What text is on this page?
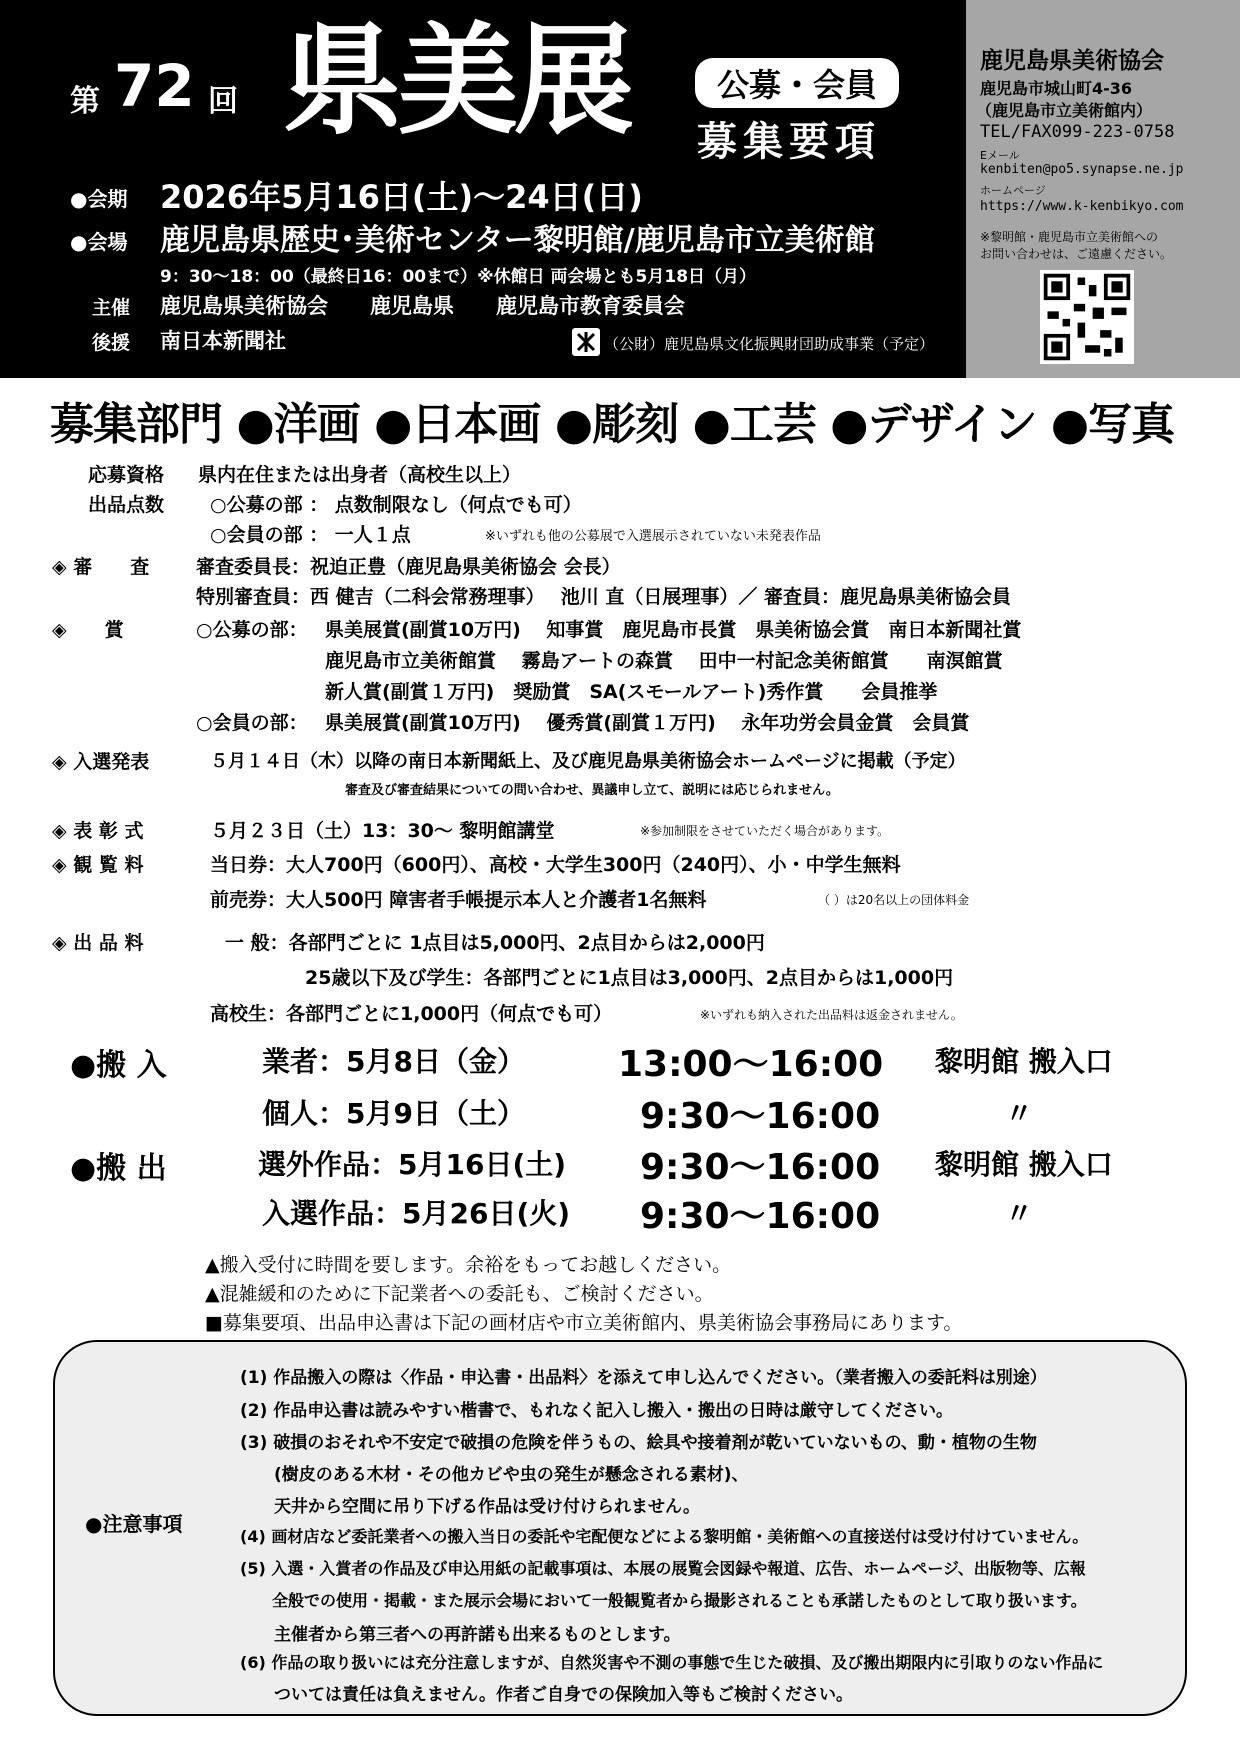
第 72 回 県美展	公募・会員
募集要項
●会期 2026年5月16日(土)～24日(日)
●会場 鹿児島県歴史･美術センター黎明館/鹿児島市立美術館
9：30～18：00（最終日16：00まで）※休館日 両会場とも5月18日（月）
主催 鹿児島県美術協会　　鹿児島県　　鹿児島市教育委員会
後援 南日本新聞社	（公財）鹿児島県文化振興財団助成事業（予定）
鹿児島県美術協会
鹿児島市城山町4-36
（鹿児島市立美術館内）
TEL/FAX099-223-0758
Eメール
kenbiten@po5.synapse.ne.jp
ホームページ
https://www.k-kenbikyo.com
※黎明館・鹿児島市立美術館への
お問い合わせは、ご遠慮ください。
募集部門 ●洋画 ●日本画 ●彫刻 ●工芸 ●デザイン ●写真
応募資格 県内在住または出身者（高校生以上）
出品点数 ○公募の部 ： 点数制限なし（何点でも可）
○会員の部 ： 一人１点	※いずれも他の公募展で入選展示されていない未発表作品
◈ 審　　査 審査委員長：祝迫正豊（鹿児島県美術協会 会長）
特別審査員：西 健吉（二科会常務理事）　 池川 直（日展理事）／ 審査員：鹿児島県美術協会員
◈　　賞	○公募の部： 県美展賞(副賞10万円)　 知事賞　鹿児島市長賞　県美術協会賞　南日本新聞社賞
鹿児島市立美術館賞　 霧島アートの森賞　 田中一村記念美術館賞　　南溟館賞
新人賞(副賞１万円)　奨励賞　SA(スモールアート)秀作賞　　会員推挙
○会員の部： 県美展賞(副賞10万円)　 優秀賞(副賞１万円)　 永年功労会員金賞　会員賞
◈ 入選発表	５月１４日（木）以降の南日本新聞紙上、及び鹿児島県美術協会ホームページに掲載（予定）
審査及び審査結果についての問い合わせ、異議申し立て、説明には応じられません。
◈ 表 彰 式	５月２３日（土）13：30～ 黎明館講堂	※参加制限をさせていただく場合があります。
◈ 観 覧 料	当日券：大人700円（600円）、高校・大学生300円（240円）、小・中学生無料
前売券：大人500円 障害者手帳提示本人と介護者1名無料	（ ）は20名以上の団体料金
◈ 出 品 料	一 般：各部門ごとに 1点目は5,000円、2点目からは2,000円
25歳以下及び学生：各部門ごとに1点目は3,000円、2点目からは1,000円
高校生：各部門ごとに1,000円（何点でも可）	※いずれも納入された出品料は返金されません。
●搬 入	業者：5月8日（金）	13:00～16:00 黎明館 搬入口
個人：5月9日（土）	9:30～16:00	〃
●搬 出	選外作品：5月16日(土) 9:30～16:00 黎明館 搬入口
入選作品：5月26日(火) 9:30～16:00	〃
▲搬入受付に時間を要します。余裕をもってお越しください。
▲混雑緩和のために下記業者への委託も、ご検討ください。
■募集要項、出品申込書は下記の画材店や市立美術館内、県美術協会事務局にあります。
●注意事項
(1) 作品搬入の際は〈作品・申込書・出品料〉を添えて申し込んでください。（業者搬入の委託料は別途）
(2) 作品申込書は読みやすい楷書で、もれなく記入し搬入・搬出の日時は厳守してください。
(3) 破損のおそれや不安定で破損の危険を伴うもの、絵具や接着剤が乾いていないもの、動・植物の生物
　　(樹皮のある木材・その他カビや虫の発生が懸念される素材)、
　　天井から空間に吊り下げる作品は受け付けられません。
(4) 画材店など委託業者への搬入当日の委託や宅配便などによる黎明館・美術館への直接送付は受け付けていません。
(5) 入選・入賞者の作品及び申込用紙の記載事項は、本展の展覧会図録や報道、広告、ホームページ、出版物等、広報
　　全般での使用・掲載・また展示会場において一般観覧者から撮影されることも承諾したものとして取り扱います。
　　主催者から第三者への再許諾も出来るものとします。
(6) 作品の取り扱いには充分注意しますが、自然災害や不測の事態で生じた破損、及び搬出期限内に引取りのない作品に
　　ついては責任は負えません。作者ご自身での保険加入等もご検討ください。
